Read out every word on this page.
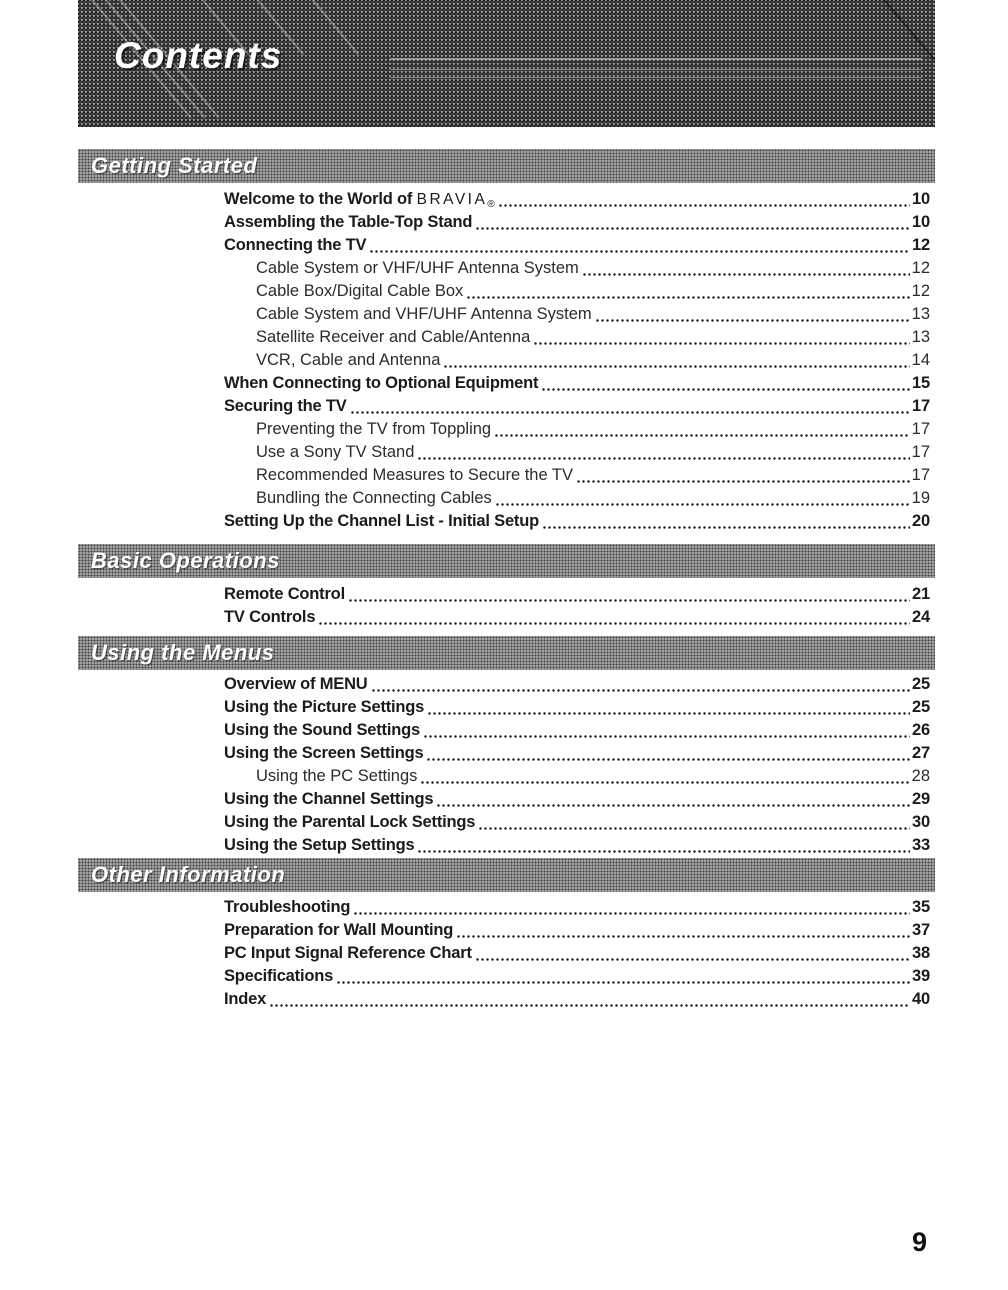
Contents
Getting Started
Welcome to the World of BRAVIA®	10
Assembling the Table-Top Stand	10
Connecting the TV	12
Cable System or VHF/UHF Antenna System	12
Cable Box/Digital Cable Box	12
Cable System and VHF/UHF Antenna System	13
Satellite Receiver and Cable/Antenna	13
VCR, Cable and Antenna	14
When Connecting to Optional Equipment	15
Securing the TV	17
Preventing the TV from Toppling	17
Use a Sony TV Stand	17
Recommended Measures to Secure the TV	17
Bundling the Connecting Cables	19
Setting Up the Channel List - Initial Setup	20
Basic Operations
Remote Control	21
TV Controls	24
Using the Menus
Overview of MENU	25
Using the Picture Settings	25
Using the Sound Settings	26
Using the Screen Settings	27
Using the PC Settings	28
Using the Channel Settings	29
Using the Parental Lock Settings	30
Using the Setup Settings	33
Other Information
Troubleshooting	35
Preparation for Wall Mounting	37
PC Input Signal Reference Chart	38
Specifications	39
Index	40
9
